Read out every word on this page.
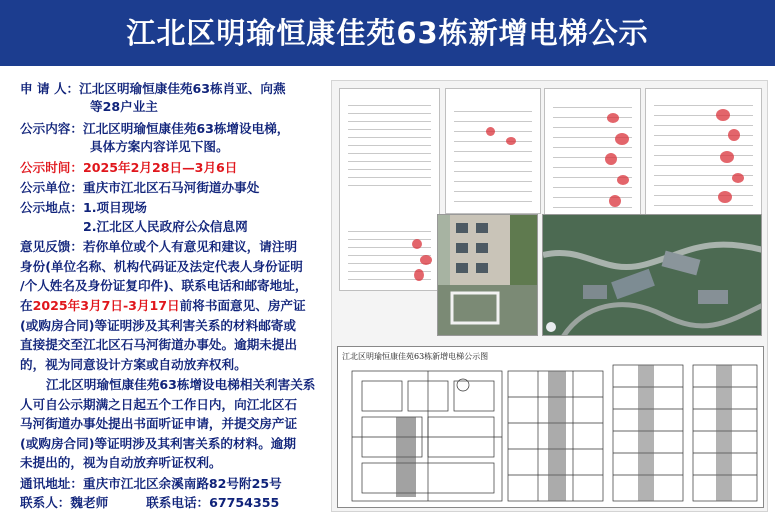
江北区明瑜恒康佳苑63栋新增电梯公示
申 请 人：江北区明瑜恒康佳苑63栋肖亚、向燕
等28户业主
公示内容：江北区明瑜恒康佳苑63栋增设电梯，
具体方案内容详见下图。
公示时间：2025年2月28日—3月6日
公示单位：重庆市江北区石马河街道办事处
公示地点：1.项目现场
2.江北区人民政府公众信息网
意见反馈：若你单位或个人有意见和建议，请注明
身份(单位名称、机构代码证及法定代表人身份证明
/个人姓名及身份证复印件)、联系电话和邮寄地址，
在2025年3月7日-3月17日前将书面意见、房产证
(或购房合同)等证明涉及其利害关系的材料邮寄或
直接提交至江北区石马河街道办事处。逾期未提出
的，视为同意设计方案或自动放弃权利。
江北区明瑜恒康佳苑63栋增设电梯相关利害关系
人可自公示期满之日起五个工作日内，向江北区石
马河街道办事处提出书面听证申请，并提交房产证
(或购房合同)等证明涉及其利害关系的材料。逾期
未提出的，视为自动放弃听证权利。
通讯地址：重庆市江北区余溪南路82号附25号
联系人：魏老师	联系电话：67754355
江北区明瑜恒康佳苑63栋新增电梯公示图
